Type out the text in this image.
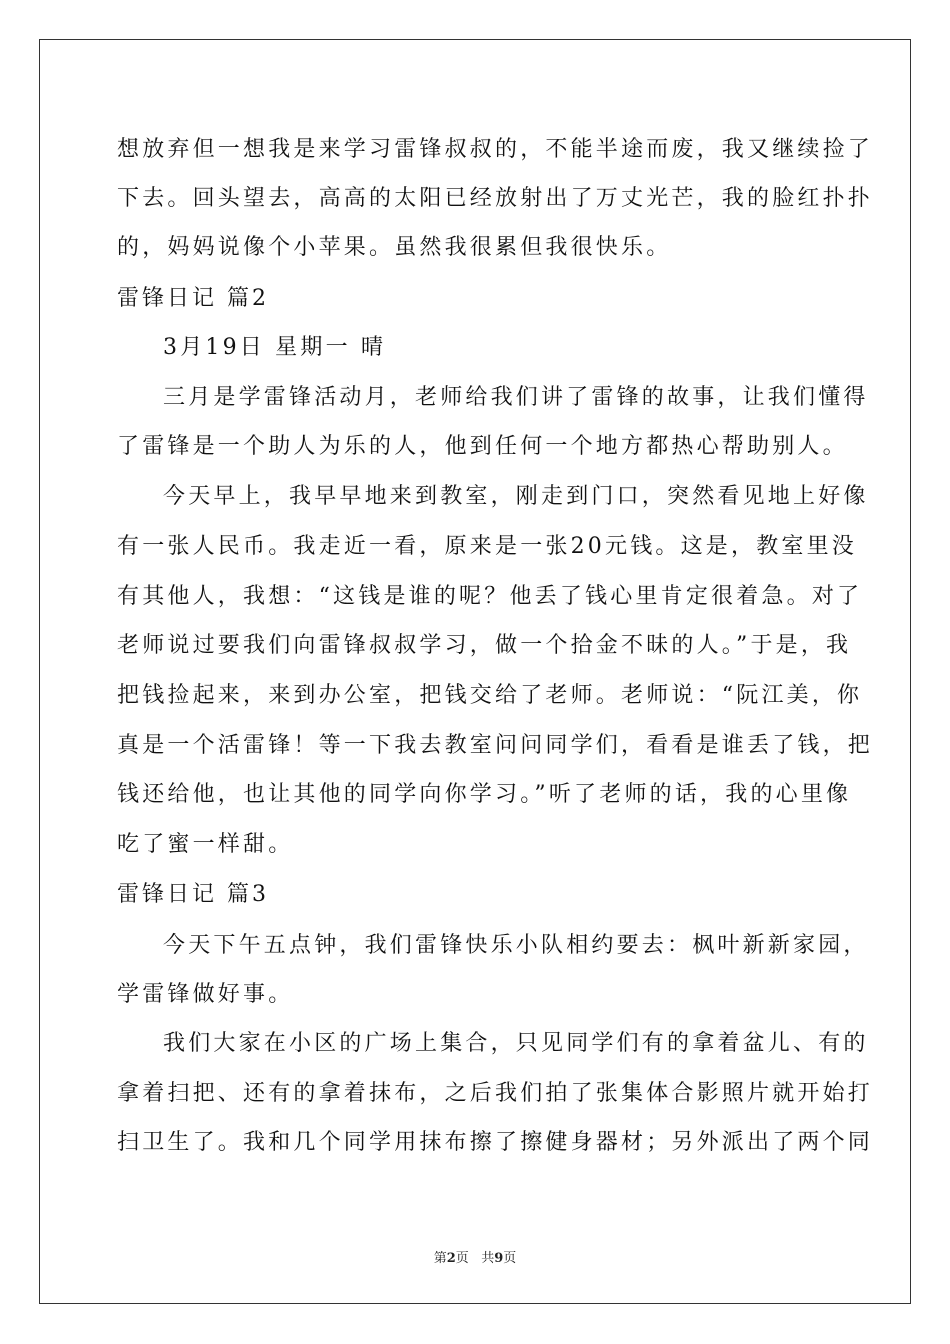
想放弃但一想我是来学习雷锋叔叔的，不能半途而废，我又继续捡了
下去。回头望去，高高的太阳已经放射出了万丈光芒，我的脸红扑扑
的，妈妈说像个小苹果。虽然我很累但我很快乐。
雷锋日记 篇2
3月19日 星期一 晴
三月是学雷锋活动月，老师给我们讲了雷锋的故事，让我们懂得
了雷锋是一个助人为乐的人，他到任何一个地方都热心帮助别人。
今天早上，我早早地来到教室，刚走到门口，突然看见地上好像
有一张人民币。我走近一看，原来是一张20元钱。这是，教室里没
有其他人，我想：“这钱是谁的呢？他丢了钱心里肯定很着急。对了
老师说过要我们向雷锋叔叔学习，做一个拾金不昧的人。”于是，我
把钱捡起来，来到办公室，把钱交给了老师。老师说：“阮江美，你
真是一个活雷锋！等一下我去教室问问同学们，看看是谁丢了钱，把
钱还给他，也让其他的同学向你学习。”听了老师的话，我的心里像
吃了蜜一样甜。
雷锋日记 篇3
今天下午五点钟，我们雷锋快乐小队相约要去：枫叶新新家园，
学雷锋做好事。
我们大家在小区的广场上集合，只见同学们有的拿着盆儿、有的
拿着扫把、还有的拿着抹布，之后我们拍了张集体合影照片就开始打
扫卫生了。我和几个同学用抹布擦了擦健身器材；另外派出了两个同
第2页 共9页
